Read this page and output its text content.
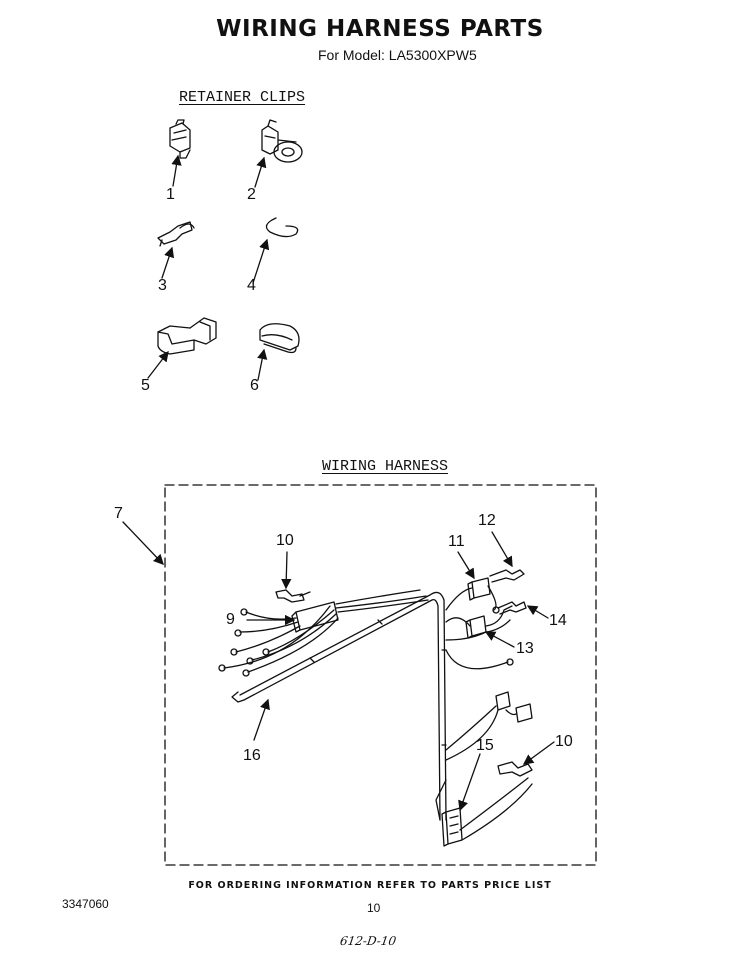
WIRING HARNESS PARTS
For Model: LA5300XPW5
RETAINER CLIPS
WIRING HARNESS
1	2
3	4
5	6
7
9
10	11
12
13
14
15	10
16
FOR ORDERING INFORMATION REFER TO PARTS PRICE LIST
3347060	10
612-D-10
